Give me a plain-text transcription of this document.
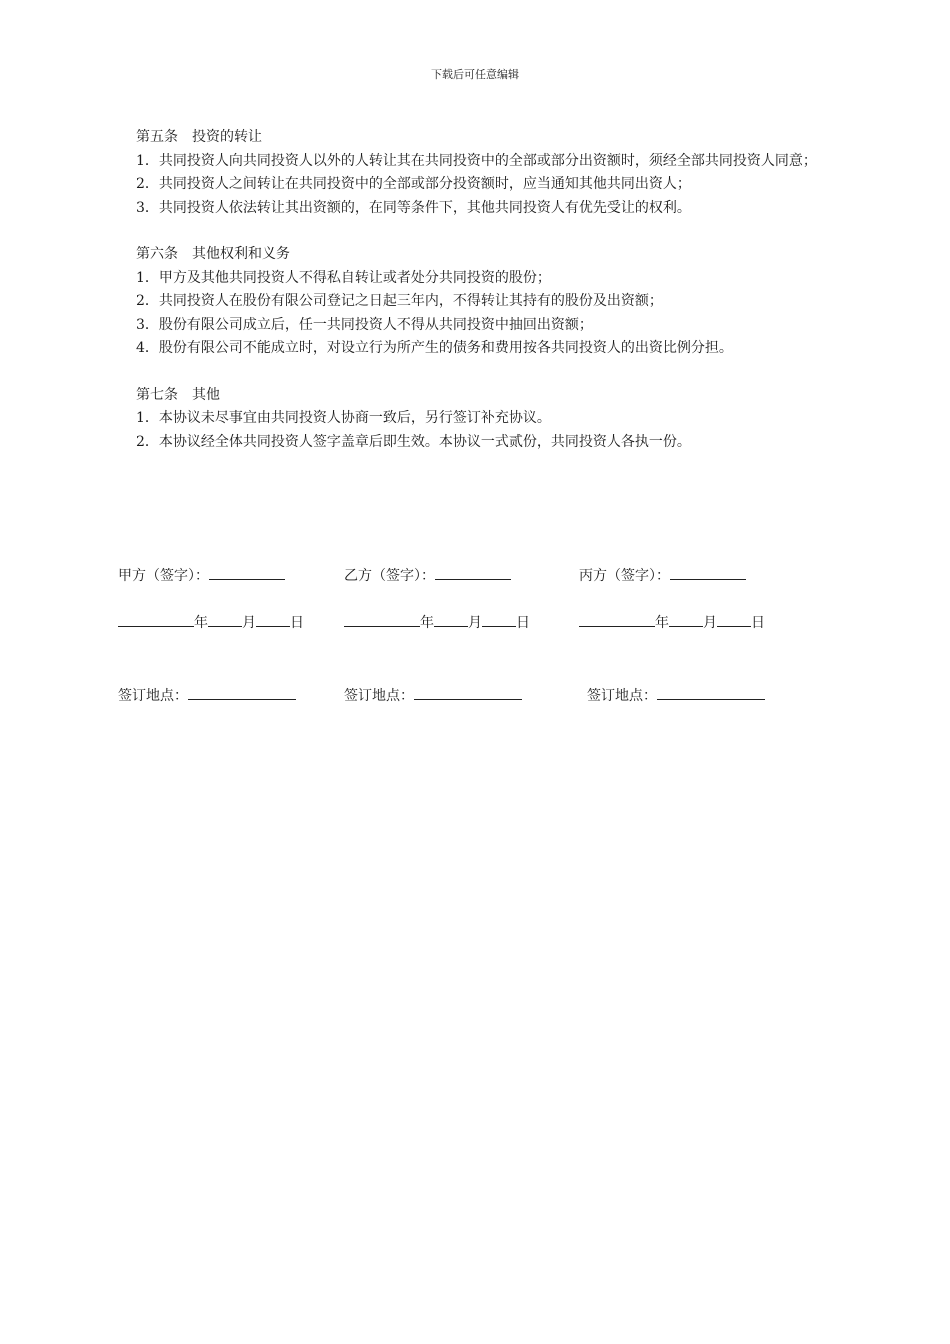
下载后可任意编辑
第五条　投资的转让
1．共同投资人向共同投资人以外的人转让其在共同投资中的全部或部分出资额时，须经全部共同投资人同意；
2．共同投资人之间转让在共同投资中的全部或部分投资额时，应当通知其他共同出资人；
3．共同投资人依法转让其出资额的，在同等条件下，其他共同投资人有优先受让的权利。
第六条　其他权利和义务
1．甲方及其他共同投资人不得私自转让或者处分共同投资的股份；
2．共同投资人在股份有限公司登记之日起三年内，不得转让其持有的股份及出资额；
3．股份有限公司成立后，任一共同投资人不得从共同投资中抽回出资额；
4．股份有限公司不能成立时，对设立行为所产生的债务和费用按各共同投资人的出资比例分担。
第七条　其他
1．本协议未尽事宜由共同投资人协商一致后，另行签订补充协议。
2．本协议经全体共同投资人签字盖章后即生效。本协议一式贰份，共同投资人各执一份。
甲方（签字）：	乙方（签字）：	丙方（签字）：
年 月 日	年 月 日	年 月 日
签订地点：	签订地点：	签订地点：
